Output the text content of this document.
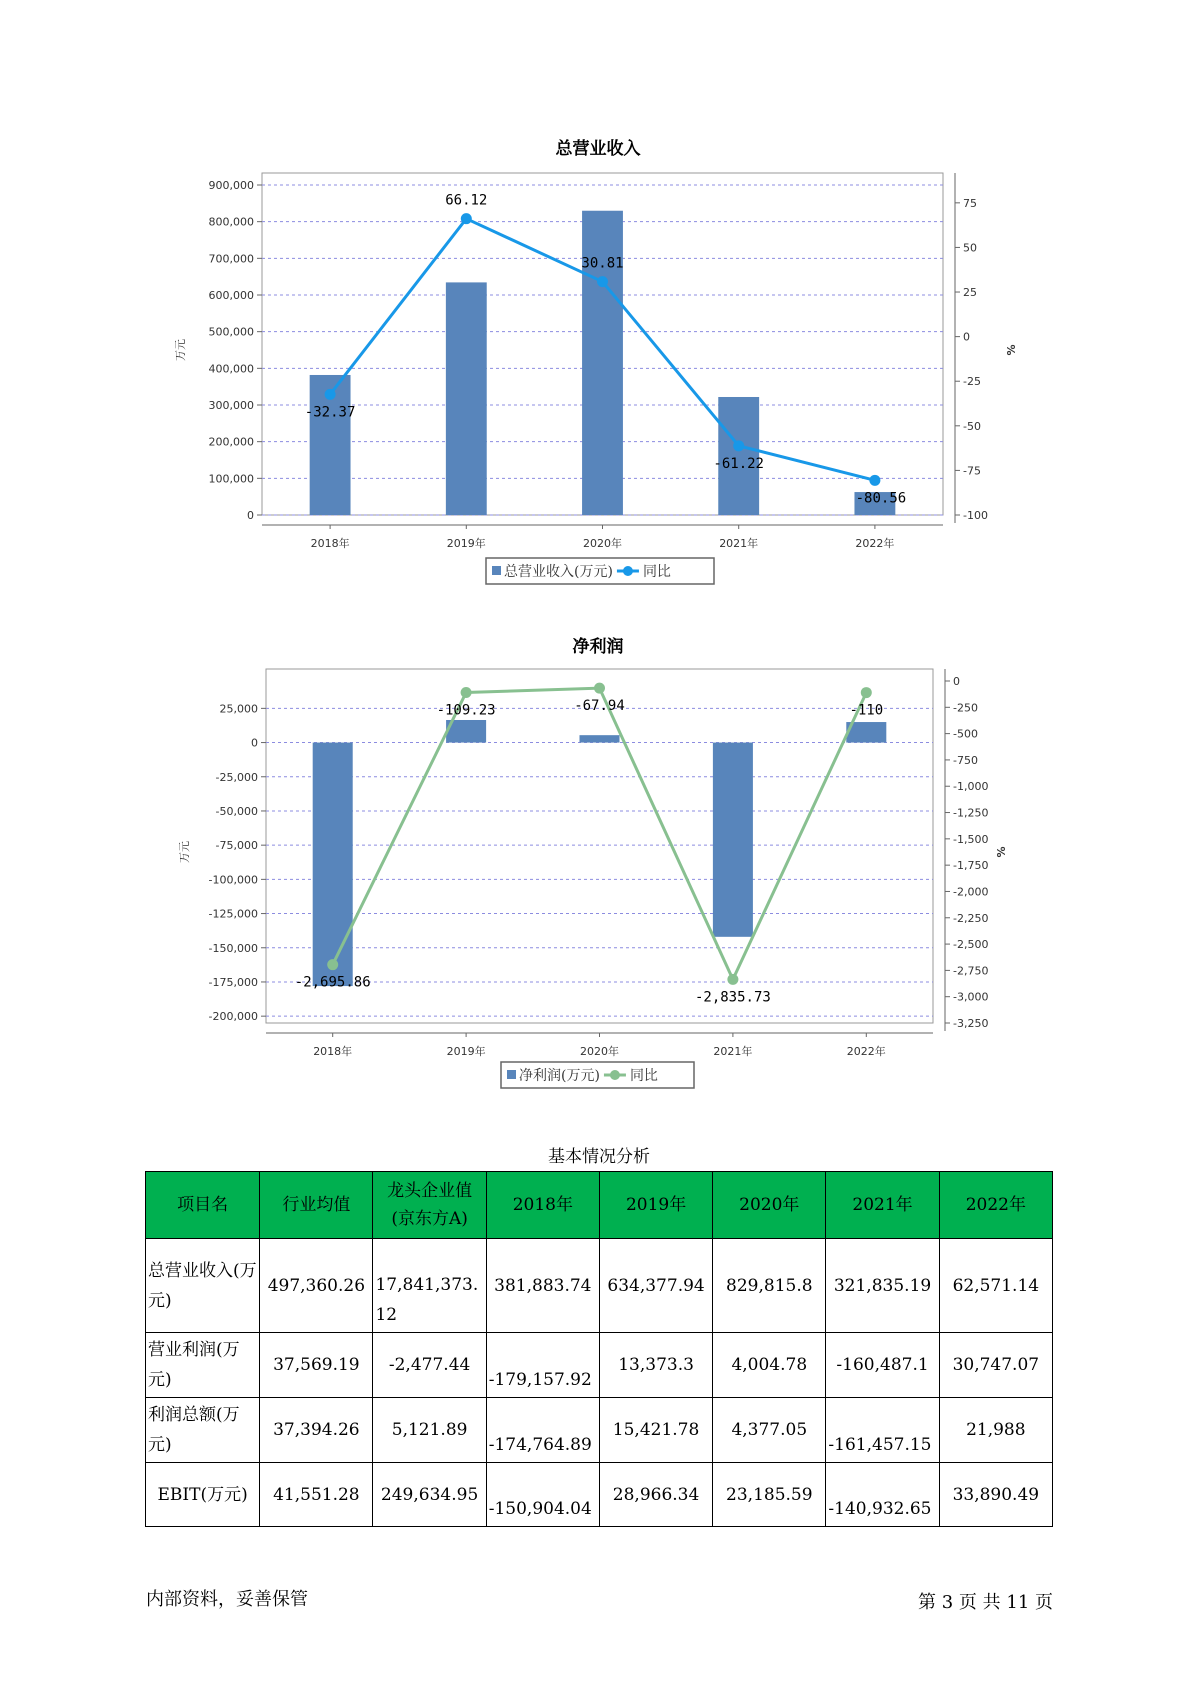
总营业收入
0
100,000
200,000
300,000
400,000
500,000
600,000
700,000
800,000
900,000
75
50
25
0
-25
-50
-75
-100
2018年	2019年	2020年	2021年	2022年
万元	%
-32.37
66.12
30.81
-61.22
-80.56
总营业收入(万元) 同比
净利润
25,000
0
-25,000
-50,000
-75,000
-100,000
-125,000
-150,000
-175,000
-200,000
0
-250
-500
-750
-1,000
-1,250
-1,500
-1,750
-2,000
-2,250
-2,500
-2,750
-3,000
-3,250
2018年	2019年	2020年	2021年	2022年
万元	%
-2,695.86
-109.23	-67.94
-2,835.73
-110
净利润(万元) 同比
基本情况分析
项目名	行业均值	龙头企业值(京东方A)	2018年	2019年	2020年	2021年	2022年
总营业收入(万元)	497,360.26	17,841,373.12	381,883.74	634,377.94	829,815.8	321,835.19	62,571.14
营业利润(万元)	37,569.19	-2,477.44	-179,157.92	13,373.3	4,004.78	-160,487.1	30,747.07
利润总额(万元)	37,394.26	5,121.89	-174,764.89	15,421.78	4,377.05	-161,457.15	21,988
EBIT(万元)	41,551.28	249,634.95	-150,904.04	28,966.34	23,185.59	-140,932.65	33,890.49
内部资料，妥善保管	第 3 页 共 11 页
